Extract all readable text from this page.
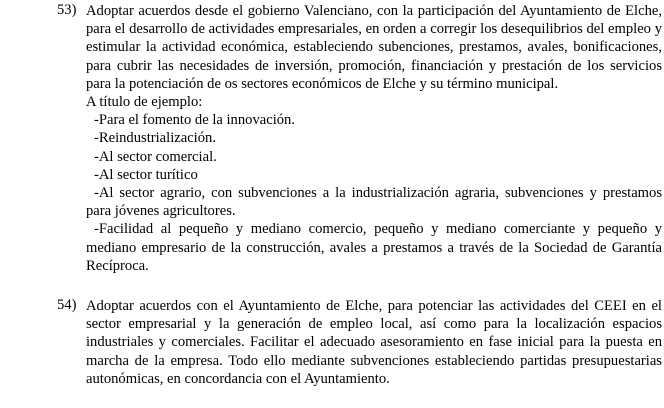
53) Adoptar acuerdos desde el gobierno Valenciano, con la participación del Ayuntamiento de Elche, para el desarrollo de actividades empresariales, en orden a corregir los desequilibrios del empleo y estimular la actividad económica, estableciendo subenciones, prestamos, avales, bonificaciones, para cubrir las necesidades de inversión, promoción, financiación y prestación de los servicios para la potenciación de os sectores económicos de Elche y su término municipal.

A título de ejemplo:

-Para el fomento de la innovación.

-Reindustrialización.

-Al sector comercial.

-Al sector turítico

-Al sector agrario, con subvenciones a la industrialización agraria, subvenciones y prestamos para jóvenes agricultores.

-Facilidad al pequeño y mediano comercio, pequeño y mediano comerciante y pequeño y mediano empresario de la construcción, avales a prestamos a través de la Sociedad de Garantía Recíproca.

54) Adoptar acuerdos con el Ayuntamiento de Elche, para potenciar las actividades del CEEI en el sector empresarial y la generación de empleo local, así como para la localización espacios industriales y comerciales. Facilitar el adecuado asesoramiento en fase inicial para la puesta en marcha de la empresa. Todo ello mediante subvenciones estableciendo partidas presupuestarias autonómicas, en concordancia con el Ayuntamiento.
